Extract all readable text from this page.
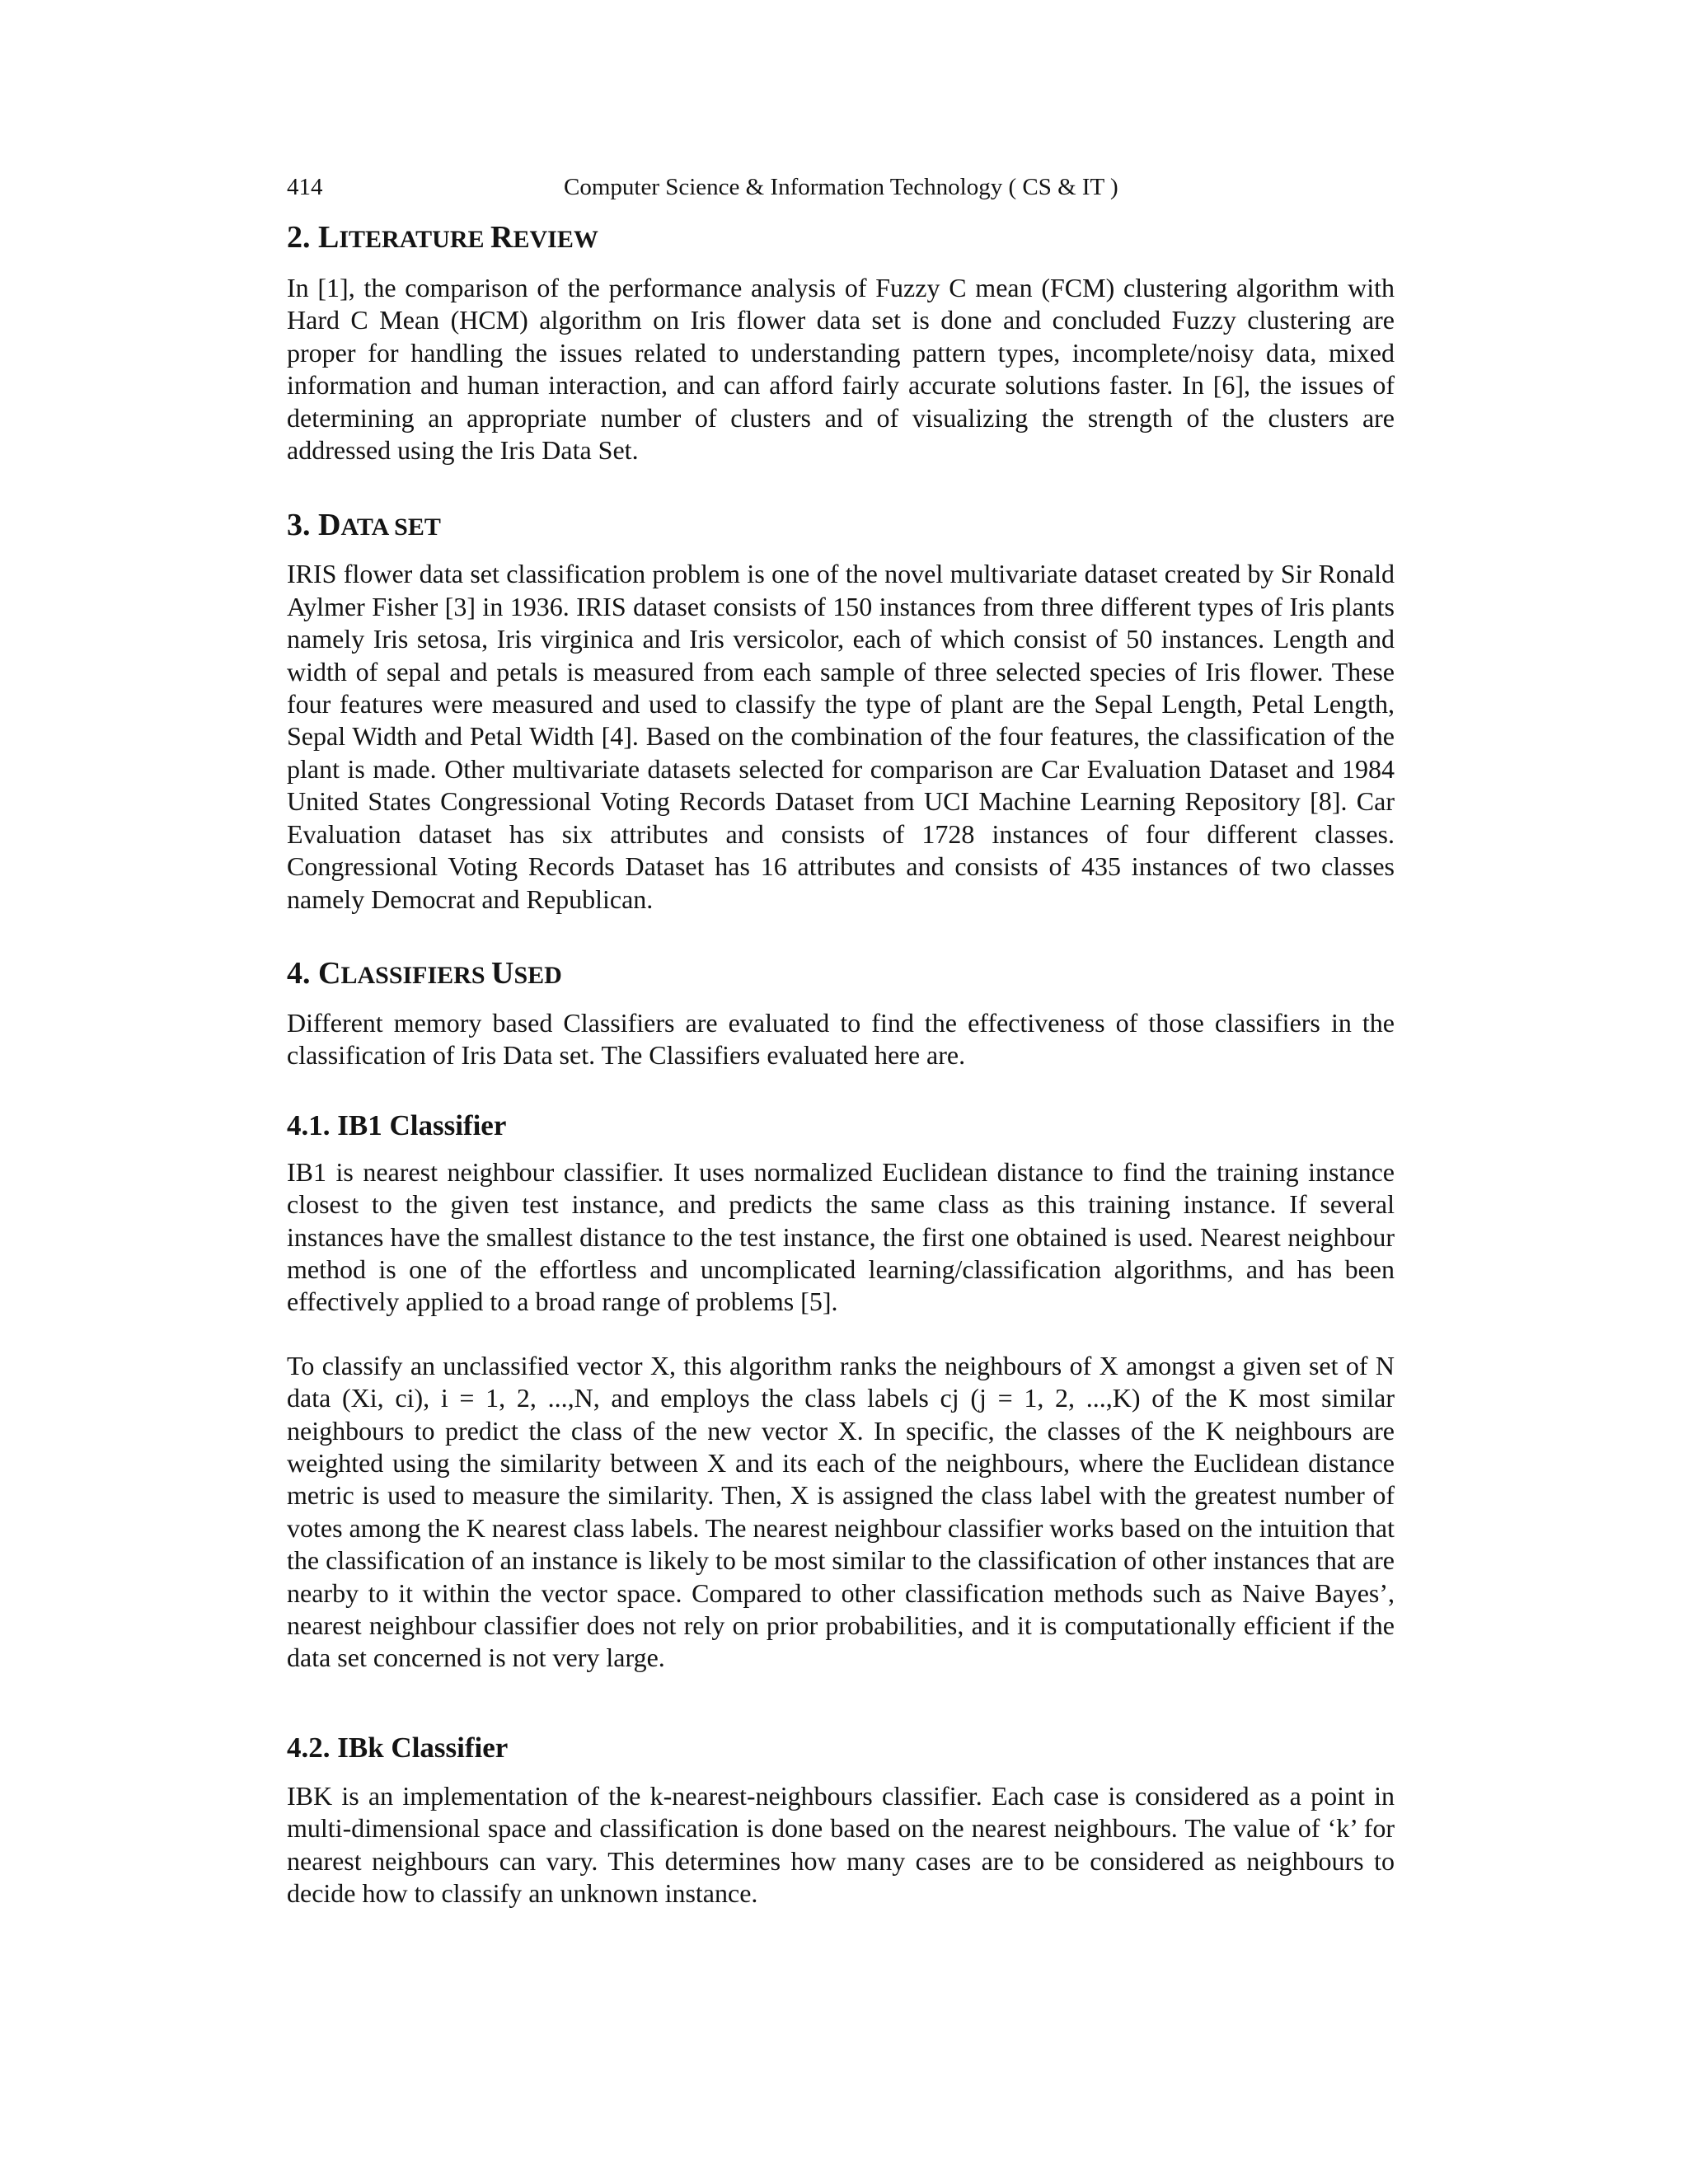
414	Computer Science & Information Technology ( CS & IT )
2. LITERATURE REVIEW

In [1], the comparison of the performance analysis of Fuzzy C mean (FCM) clustering algorithm with Hard C Mean (HCM) algorithm on Iris flower data set is done and concluded Fuzzy clustering are proper for handling the issues related to understanding pattern types, incomplete/noisy data, mixed information and human interaction, and can afford fairly accurate solutions faster. In [6], the issues of determining an appropriate number of clusters and of visualizing the strength of the clusters are addressed using the Iris Data Set.

3. DATA SET

IRIS flower data set classification problem is one of the novel multivariate dataset created by Sir Ronald Aylmer Fisher [3] in 1936. IRIS dataset consists of 150 instances from three different types of Iris plants namely Iris setosa, Iris virginica and Iris versicolor, each of which consist of 50 instances. Length and width of sepal and petals is measured from each sample of three selected species of Iris flower. These four features were measured and used to classify the type of plant are the Sepal Length, Petal Length, Sepal Width and Petal Width [4]. Based on the combination of the four features, the classification of the plant is made. Other multivariate datasets selected for comparison are Car Evaluation Dataset and 1984 United States Congressional Voting Records Dataset from UCI Machine Learning Repository [8]. Car Evaluation dataset has six attributes and consists of 1728 instances of four different classes. Congressional Voting Records Dataset has 16 attributes and consists of 435 instances of two classes namely Democrat and Republican.

4. CLASSIFIERS USED

Different memory based Classifiers are evaluated to find the effectiveness of those classifiers in the classification of Iris Data set. The Classifiers evaluated here are.

4.1. IB1 Classifier

IB1 is nearest neighbour classifier. It uses normalized Euclidean distance to find the training instance closest to the given test instance, and predicts the same class as this training instance. If several instances have the smallest distance to the test instance, the first one obtained is used. Nearest neighbour method is one of the effortless and uncomplicated learning/classification algorithms, and has been effectively applied to a broad range of problems [5].

To classify an unclassified vector X, this algorithm ranks the neighbours of X amongst a given set of N data (Xi, ci), i = 1, 2, ...,N, and employs the class labels cj (j = 1, 2, ...,K) of the K most similar neighbours to predict the class of the new vector X. In specific, the classes of the K neighbours are weighted using the similarity between X and its each of the neighbours, where the Euclidean distance metric is used to measure the similarity. Then, X is assigned the class label with the greatest number of votes among the K nearest class labels. The nearest neighbour classifier works based on the intuition that the classification of an instance is likely to be most similar to the classification of other instances that are nearby to it within the vector space. Compared to other classification methods such as Naive Bayes’, nearest neighbour classifier does not rely on prior probabilities, and it is computationally efficient if the data set concerned is not very large.

4.2. IBk Classifier

IBK is an implementation of the k-nearest-neighbours classifier. Each case is considered as a point in multi-dimensional space and classification is done based on the nearest neighbours. The value of ‘k’ for nearest neighbours can vary. This determines how many cases are to be considered as neighbours to decide how to classify an unknown instance.
